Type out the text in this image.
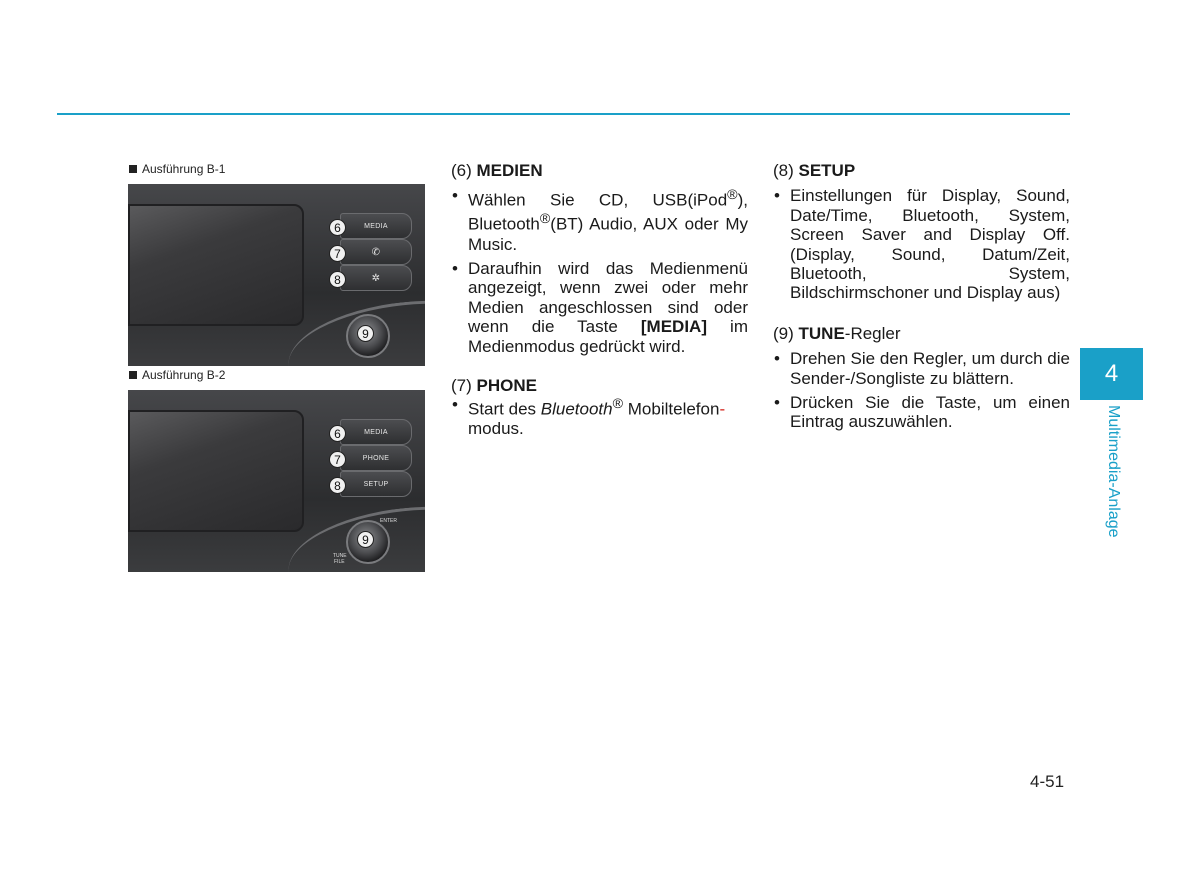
Ausführung B-1
MEDIA
✆
✲
6
7
8
9
Ausführung B-2
MEDIA
PHONE
SETUP
ENTER
TUNE
FILE
6
7
8
9

(6) MEDIEN

• Wählen Sie CD, USB(iPod®), Bluetooth®(BT) Audio, AUX oder My Music.

• Daraufhin wird das Medienmenü angezeigt, wenn zwei oder mehr Medien angeschlossen sind oder wenn die Taste [MEDIA] im Medienmodus gedrückt wird.

(7) PHONE

• Start des Bluetooth® Mobiltelefon-
modus.

(8) SETUP

• Einstellungen für Display, Sound, Date/Time, Bluetooth, System, Screen Saver and Display Off. (Display, Sound, Datum/Zeit, Bluetooth, System, Bildschirmschoner und Display aus)

(9) TUNE-Regler

• Drehen Sie den Regler, um durch die Sender-/Songliste zu blättern.

• Drücken Sie die Taste, um einen Eintrag auszuwählen.

4
Multimedia-Anlage
4-51
